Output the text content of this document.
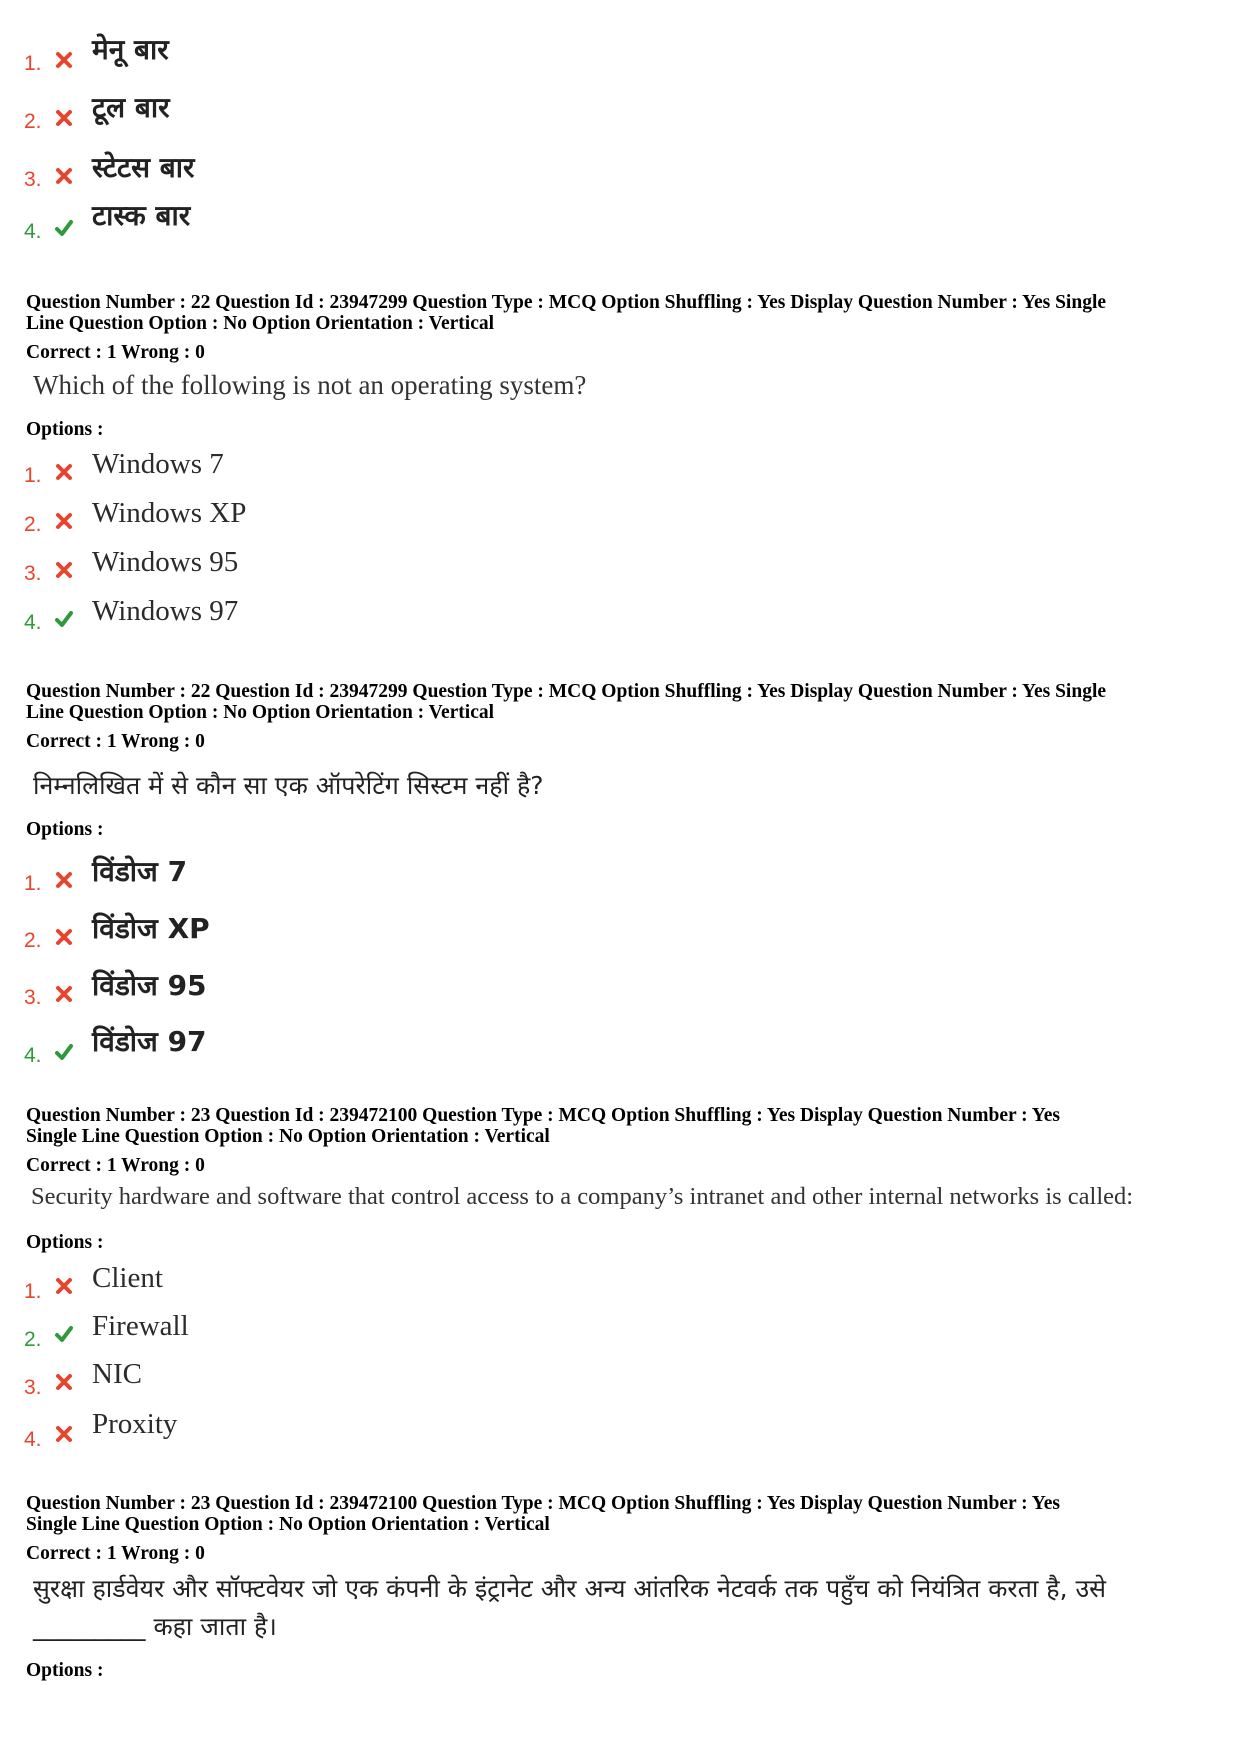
1. मेनू बार
2. टूल बार
3. स्टेटस बार
4. टास्क बार
Question Number : 22 Question Id : 23947299 Question Type : MCQ Option Shuffling : Yes Display Question Number : Yes Single
Line Question Option : No Option Orientation : Vertical
Correct : 1 Wrong : 0
Which of the following is not an operating system?
Options :
1. Windows 7
2. Windows XP
3. Windows 95
4. Windows 97
Question Number : 22 Question Id : 23947299 Question Type : MCQ Option Shuffling : Yes Display Question Number : Yes Single
Line Question Option : No Option Orientation : Vertical
Correct : 1 Wrong : 0
निम्नलिखित में से कौन सा एक ऑपरेटिंग सिस्टम नहीं है?
Options :
1. विंडोज 7
2. विंडोज XP
3. विंडोज 95
4. विंडोज 97
Question Number : 23 Question Id : 239472100 Question Type : MCQ Option Shuffling : Yes Display Question Number : Yes
Single Line Question Option : No Option Orientation : Vertical
Correct : 1 Wrong : 0
Security hardware and software that control access to a company’s intranet and other internal networks is called:
Options :
1. Client
2. Firewall
3. NIC
4. Proxity
Question Number : 23 Question Id : 239472100 Question Type : MCQ Option Shuffling : Yes Display Question Number : Yes
Single Line Question Option : No Option Orientation : Vertical
Correct : 1 Wrong : 0
सुरक्षा हार्डवेयर और सॉफ्टवेयर जो एक कंपनी के इंट्रानेट और अन्य आंतरिक नेटवर्क तक पहुँच को नियंत्रित करता है, उसे _________ कहा जाता है।
Options :
